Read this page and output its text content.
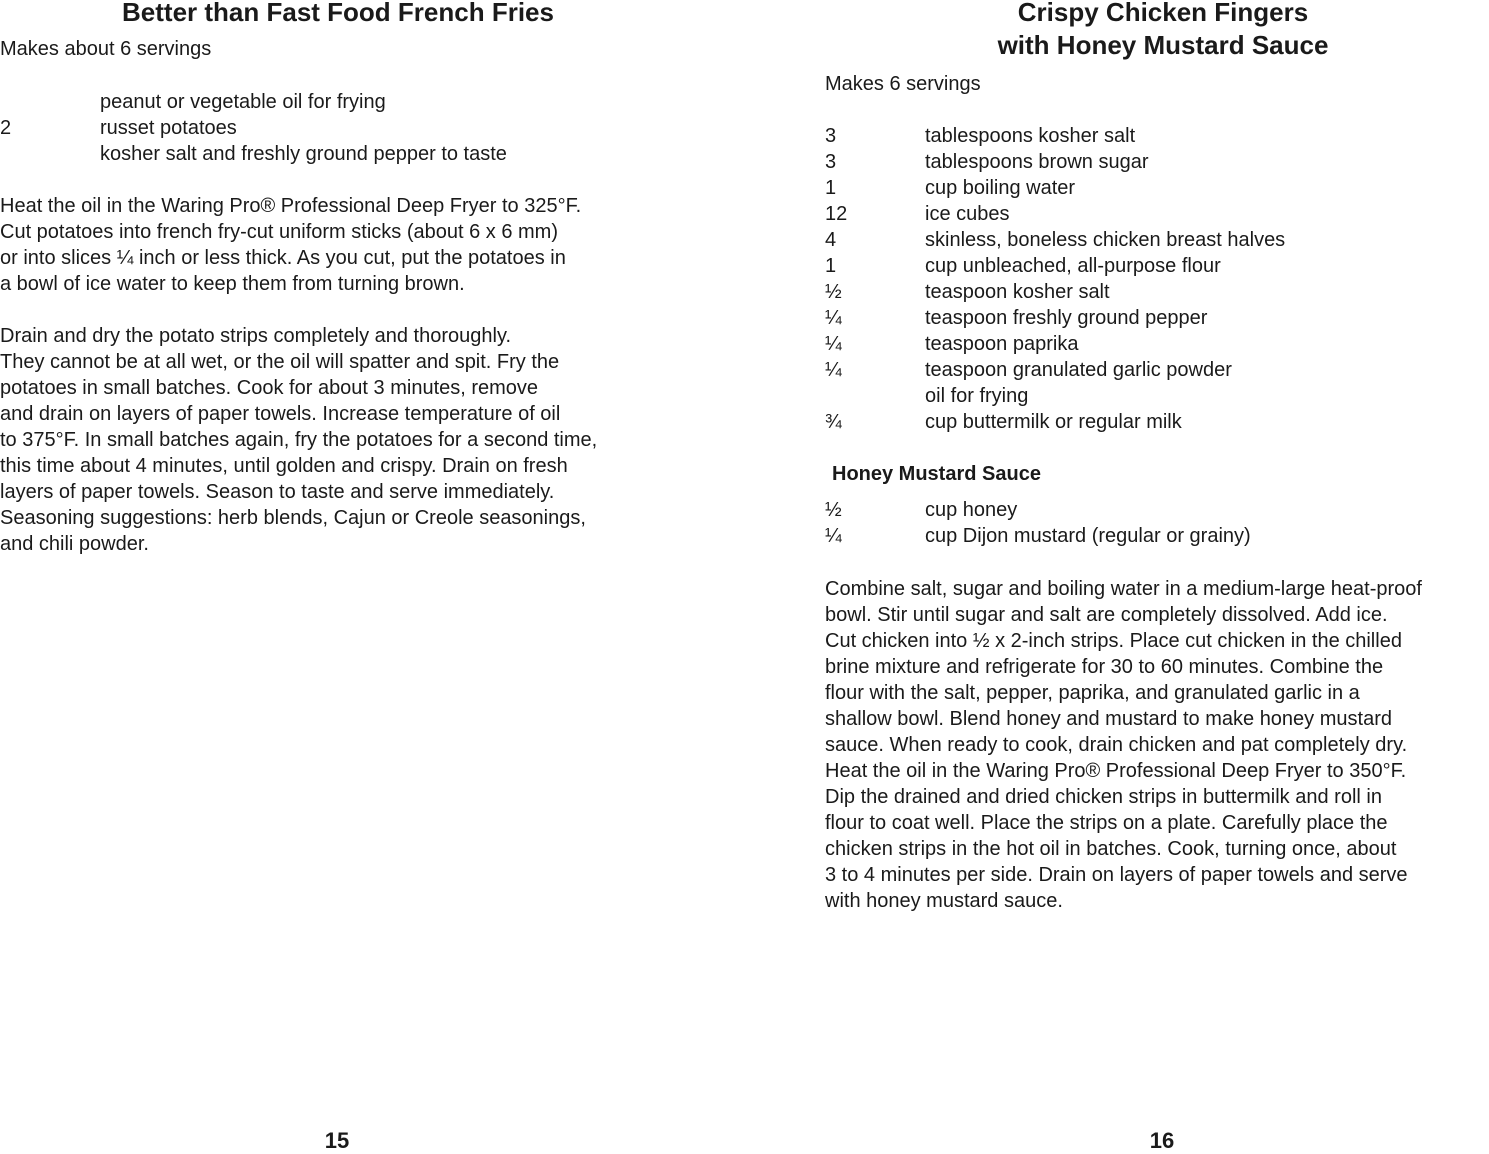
Better than Fast Food French Fries
Makes about 6 servings
peanut or vegetable oil for frying
2	russet potatoes
kosher salt and freshly ground pepper to taste

Heat the oil in the Waring Pro® Professional Deep Fryer to 325°F.
Cut potatoes into french fry-cut uniform sticks (about 6 x 6 mm)
or into slices ¼ inch or less thick. As you cut, put the potatoes in
a bowl of ice water to keep them from turning brown.

Drain and dry the potato strips completely and thoroughly.
They cannot be at all wet, or the oil will spatter and spit. Fry the
potatoes in small batches. Cook for about 3 minutes, remove
and drain on layers of paper towels. Increase temperature of oil
to 375°F. In small batches again, fry the potatoes for a second time,
this time about 4 minutes, until golden and crispy. Drain on fresh
layers of paper towels. Season to taste and serve immediately.
Seasoning suggestions: herb blends, Cajun or Creole seasonings,
and chili powder.

15
Crispy Chicken Fingers
with Honey Mustard Sauce
Makes 6 servings
3	tablespoons kosher salt
3	tablespoons brown sugar
1	cup boiling water
12	ice cubes
4	skinless, boneless chicken breast halves
1	cup unbleached, all-purpose flour
½	teaspoon kosher salt
¼	teaspoon freshly ground pepper
¼	teaspoon paprika
¼	teaspoon granulated garlic powder
oil for frying
¾	cup buttermilk or regular milk
Honey Mustard Sauce
½	cup honey
¼	cup Dijon mustard (regular or grainy)

Combine salt, sugar and boiling water in a medium-large heat-proof
bowl. Stir until sugar and salt are completely dissolved. Add ice.
Cut chicken into ½ x 2-inch strips. Place cut chicken in the chilled
brine mixture and refrigerate for 30 to 60 minutes. Combine the
flour with the salt, pepper, paprika, and granulated garlic in a
shallow bowl. Blend honey and mustard to make honey mustard
sauce. When ready to cook, drain chicken and pat completely dry.
Heat the oil in the Waring Pro® Professional Deep Fryer to 350°F.
Dip the drained and dried chicken strips in buttermilk and roll in
flour to coat well. Place the strips on a plate. Carefully place the
chicken strips in the hot oil in batches. Cook, turning once, about
3 to 4 minutes per side. Drain on layers of paper towels and serve
with honey mustard sauce.

16
